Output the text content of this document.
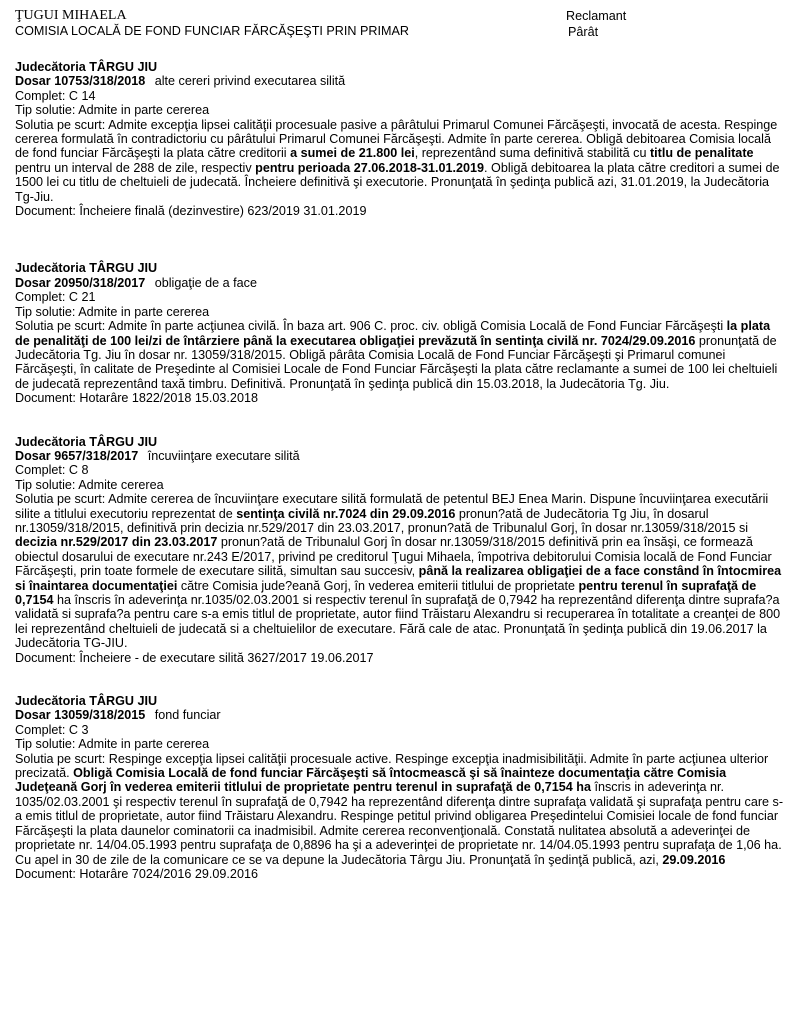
ŢUGUI MIHAELA	Reclamant
COMISIA LOCALĂ DE FOND FUNCIAR FĂRCĂŞEŞTI PRIN PRIMAR	Pârât
Judecătoria TÂRGU JIU
Dosar 10753/318/2018 alte cereri privind executarea silită
Complet: C 14
Tip solutie: Admite in parte cererea
Solutia pe scurt: Admite excepţia lipsei calităţii procesuale pasive a pârâtului Primarul Comunei Fărcăşeşti, invocată de acesta. Respinge cererea formulată în contradictoriu cu pârâtului Primarul Comunei Fărcăşeşti. Admite în parte cererea. Obligă debitoarea Comisia locală de fond funciar Fărcăşeşti la plata către creditorii a sumei de 21.800 lei, reprezentând suma definitivă stabilită cu titlu de penalitate pentru un interval de 288 de zile, respectiv pentru perioada 27.06.2018-31.01.2019. Obligă debitoarea la plata către creditori a sumei de 1500 lei cu titlu de cheltuieli de judecată. Încheiere definitivă şi executorie. Pronunţată în şedinţa publică azi, 31.01.2019, la Judecătoria Tg-Jiu.
Document: Încheiere finală (dezinvestire) 623/2019 31.01.2019
Judecătoria TÂRGU JIU
Dosar 20950/318/2017 obligaţie de a face
Complet: C 21
Tip solutie: Admite in parte cererea
Solutia pe scurt: Admite în parte acţiunea civilă. În baza art. 906 C. proc. civ. obligă Comisia Locală de Fond Funciar Fărcăşeşti la plata de penalităţi de 100 lei/zi de întârziere până la executarea obligaţiei prevăzută în sentinţa civilă nr. 7024/29.09.2016 pronunţată de Judecătoria Tg. Jiu în dosar nr. 13059/318/2015. Obligă pârâta Comisia Locală de Fond Funciar Fărcăşeşti şi Primarul comunei Fărcăşeşti, în calitate de Preşedinte al Comisiei Locale de Fond Funciar Fărcăşeşti la plata către reclamante a sumei de 100 lei cheltuieli de judecată reprezentând taxă timbru. Definitivă. Pronunţată în şedinţa publică din 15.03.2018, la Judecătoria Tg. Jiu.
Document: Hotarâre 1822/2018 15.03.2018
Judecătoria TÂRGU JIU
Dosar 9657/318/2017 încuviinţare executare silită
Complet: C 8
Tip solutie: Admite cererea
Solutia pe scurt: Admite cererea de încuviinţare executare silită formulată de petentul BEJ Enea Marin. Dispune încuviinţarea executării silite a titlului executoriu reprezentat de sentinţa civilă nr.7024 din 29.09.2016 pronun?ată de Judecătoria Tg Jiu, în dosarul nr.13059/318/2015, definitivă prin decizia nr.529/2017 din 23.03.2017, pronun?ată de Tribunalul Gorj, în dosar nr.13059/318/2015 si decizia nr.529/2017 din 23.03.2017 pronun?ată de Tribunalul Gorj în dosar nr.13059/318/2015 definitivă prin ea însăşi, ce formează obiectul dosarului de executare nr.243 E/2017, privind pe creditorul Ţugui Mihaela, împotriva debitorului Comisia locală de Fond Funciar Fărcăşeşti, prin toate formele de executare silită, simultan sau succesiv, până la realizarea obligaţiei de a face constând în întocmirea si înaintarea documentaţiei către Comisia jude?eană Gorj, în vederea emiterii titlului de proprietate pentru terenul în suprafaţă de 0,7154 ha înscris în adeverinţa nr.1035/02.03.2001 si respectiv terenul în suprafaţă de 0,7942 ha reprezentând diferenţa dintre suprafa?a validată si suprafa?a pentru care s-a emis titlul de proprietate, autor fiind Trăistaru Alexandru si recuperarea în totalitate a creanţei de 800 lei reprezentând cheltuieli de judecată si a cheltuielilor de executare. Fără cale de atac. Pronunţată în şedinţa publică din 19.06.2017 la Judecătoria TG-JIU.
Document: Încheiere - de executare silită 3627/2017 19.06.2017
Judecătoria TÂRGU JIU
Dosar 13059/318/2015 fond funciar
Complet: C 3
Tip solutie: Admite in parte cererea
Solutia pe scurt: Respinge excepţia lipsei calităţii procesuale active. Respinge excepţia inadmisibilităţii. Admite în parte acţiunea ulterior precizată. Obligă Comisia Locală de fond funciar Fărcăşeşti să întocmească şi să înainteze documentaţia către Comisia Judeţeană Gorj în vederea emiterii titlului de proprietate pentru terenul in suprafaţă de 0,7154 ha înscris in adeverinţa nr. 1035/02.03.2001 şi respectiv terenul în suprafaţă de 0,7942 ha reprezentând diferenţa dintre suprafaţa validată şi suprafaţa pentru care s-a emis titlul de proprietate, autor fiind Trăistaru Alexandru. Respinge petitul privind obligarea Preşedintelui Comisiei locale de fond funciar Fărcăşeşti la plata daunelor cominatorii ca inadmisibil. Admite cererea reconvenţională. Constată nulitatea absolută a adeverinţei de proprietate nr. 14/04.05.1993 pentru suprafaţa de 0,8896 ha şi a adeverinţei de proprietate nr. 14/04.05.1993 pentru suprafaţa de 1,06 ha. Cu apel in 30 de zile de la comunicare ce se va depune la Judecătoria Târgu Jiu. Pronunţată în şedinţă publică, azi, 29.09.2016
Document: Hotarâre 7024/2016 29.09.2016
